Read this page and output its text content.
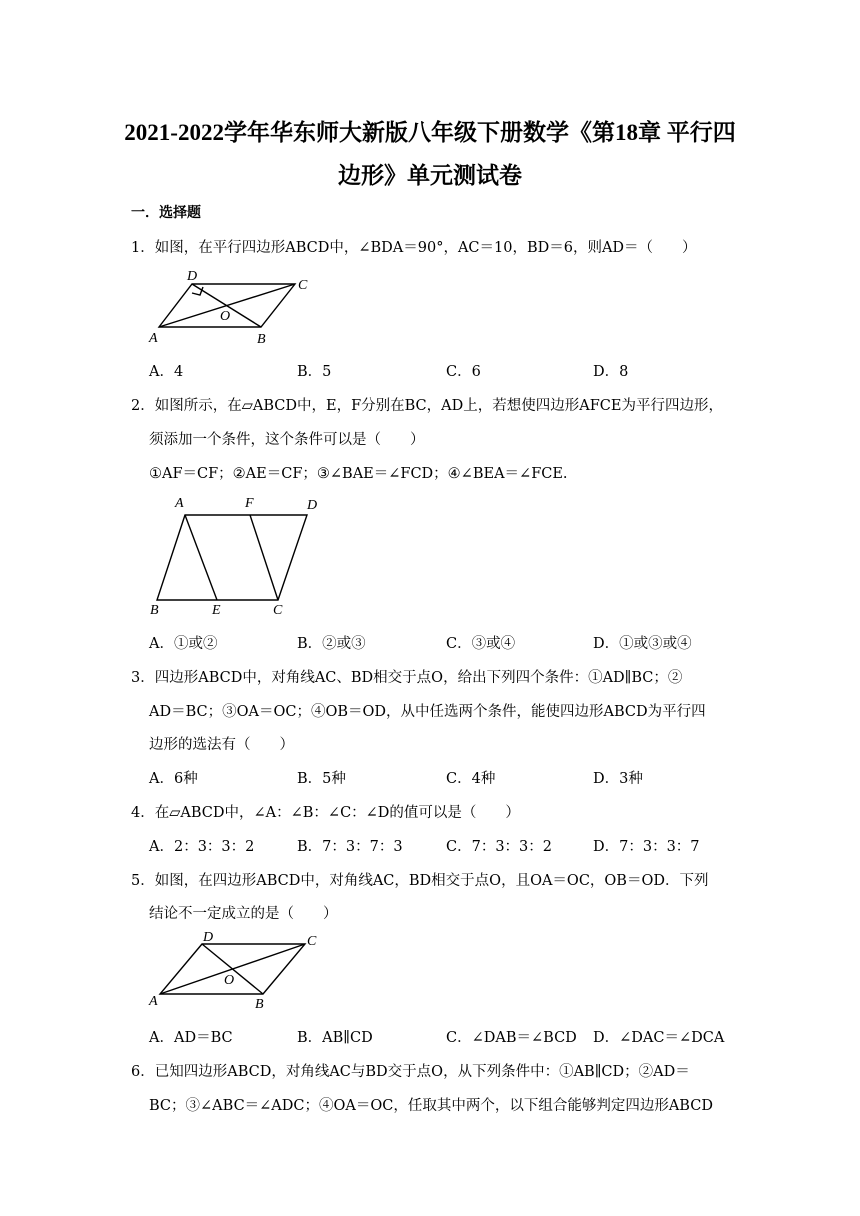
2021-2022学年华东师大新版八年级下册数学《第18章 平行四
边形》单元测试卷
一．选择题
1．如图，在平行四边形ABCD中，∠BDA＝90°，AC＝10，BD＝6，则AD＝（　　）
A	B
C
D
O
A．4	B．5	C．6	D．8
2．如图所示，在▱ABCD中，E，F分别在BC，AD上，若想使四边形AFCE为平行四边形，
须添加一个条件，这个条件可以是（　　）
①AF＝CF；②AE＝CF；③∠BAE＝∠FCD；④∠BEA＝∠FCE.
A	F	D
B	E	C
A．①或②	B．②或③	C．③或④	D．①或③或④
3．四边形ABCD中，对角线AC、BD相交于点O，给出下列四个条件：①AD∥BC；②
AD＝BC；③OA＝OC；④OB＝OD，从中任选两个条件，能使四边形ABCD为平行四
边形的选法有（　　）
A．6种	B．5种	C．4种	D．3种
4．在▱ABCD中，∠A：∠B：∠C：∠D的值可以是（　　）
A．2：3：3：2	B．7：3：7：3	C．7：3：3：2	D．7：3：3：7
5．如图，在四边形ABCD中，对角线AC，BD相交于点O，且OA＝OC，OB＝OD．下列
结论不一定成立的是（　　）
A	B
C
D
O
A．AD＝BC	B．AB∥CD	C．∠DAB＝∠BCD D．∠DAC＝∠DCA
6．已知四边形ABCD，对角线AC与BD交于点O，从下列条件中：①AB∥CD；②AD＝
BC；③∠ABC＝∠ADC；④OA＝OC，任取其中两个，以下组合能够判定四边形ABCD
